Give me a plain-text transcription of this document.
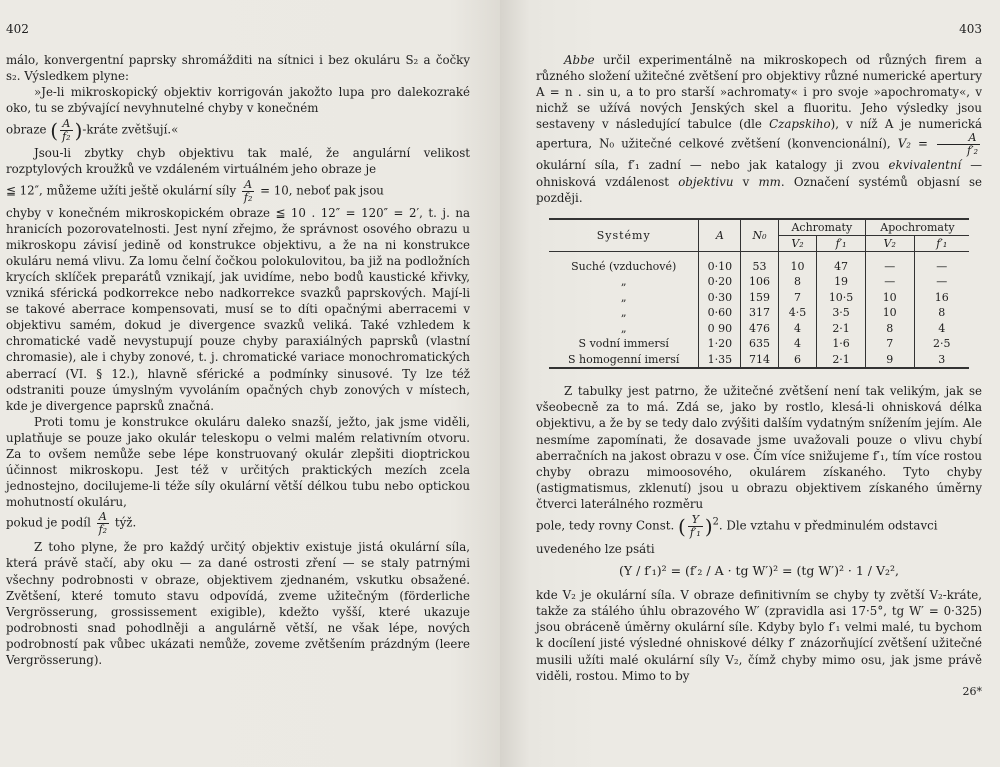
402

málo, konvergentní paprsky shromážditi na sítnici i bez okuláru S₂ a čočky s₂. Výsledkem plyne:

»Je-li mikroskopický objektiv korrigován jakožto lupa pro dalekozraké oko, tu se zbývající nevyhnutelné chyby v konečném

obraze ( $\frac{A}{\text{f₂}}$ )-kráte zvětšují.«

Jsou-li zbytky chyb objektivu tak malé, že angulární velikost rozptylových kroužků ve vzdáleném virtuálném jeho obraze je

≦ 12″, můžeme užíti ještě okulární síly $\frac{A}{\text{f₂}} = 10$, neboť pak jsou

chyby v konečném mikroskopickém obraze ≦ 10 . 12″ = 120″ = 2′, t. j. na hranicích pozorovatelnosti. Jest nyní zřejmo, že správnost osového obrazu u mikroskopu závisí jedině od konstrukce objektivu, a že na ni konstrukce okuláru nemá vlivu. Za lomu čelní čočkou polokulovitou, ba již na podložních krycích sklíček preparátů vznikají, jak uvidíme, nebo bodů kaustické křivky, vzniká sférická podkorrekce nebo nadkorrekce svazků paprskových. Mají-li se takové aberrace kompensovati, musí se to díti opačnými aberracemi v objektivu samém, dokud je divergence svazků veliká. Také vzhledem k chromatické vadě nevystupují pouze chyby paraxiálných paprsků (vlastní chromasie), ale i chyby zonové, t. j. chromatické variace monochromatických aberrací (VI. § 12.), hlavně sférické a podmínky sinusové. Ty lze též odstraniti pouze úmyslným vyvoláním opačných chyb zonových v místech, kde je divergence paprsků značná.

Proti tomu je konstrukce okuláru daleko snazší, ježto, jak jsme viděli, uplatňuje se pouze jako okulár teleskopu o velmi malém relativním otvoru. Za to ovšem nemůže sebe lépe konstruovaný okulár zlepšiti dioptrickou účinnost mikroskopu. Jest též v určitých praktických mezích zcela jednostejno, docilujeme-li téže síly okulární větší délkou tubu nebo optickou mohutností okuláru,

pokud je podíl $\frac{A}{\text{f₂}}$ týž.

Z toho plyne, že pro každý určitý objektiv existuje jistá okulární síla, která právě stačí, aby oku — za dané ostrosti zření — se staly patrnými všechny podrobnosti v obraze, objektivem zjednaném, vskutku obsažené. Zvětšení, které tomuto stavu odpovídá, zveme užitečným (förderliche Vergrösserung, grossissement exigible), kdežto vyšší, které ukazuje podrobnosti snad pohodlněji a angulárně větší, ne však lépe, nových podrobností pak vůbec ukázati nemůže, zoveme zvětšením prázdným (leere Vergrösserung).

403

Abbe určil experimentálně na mikroskopech od různých firem a různého složení užitečné zvětšení pro objektivy různé numerické apertury A = n . sin u, a to pro starší »achromaty« i pro svoje »apochromaty«, v nichž se užívá nových Jenských skel a fluoritu. Jeho výsledky jsou sestaveny v následující tabulce (dle Czapskiho), v níž A je numerická apertura, N₀ užitečné celkové zvětšení (konvencionální), $V_2 = \frac{A}{\text{f′₂}}$
okulární síla, f′₁ zadní — nebo jak katalogy ji zvou ekvivalentní — ohnisková vzdálenost objektivu v mm. Označení systémů objasní se později.

Systémy	A	N₀	Achromaty		Apochromaty	
			V₂	f′₁	V₂	f′₁
Suché (vzduchové)	0·10	53	10	47	—	—
„	0·20	106	8	19	—	—
„	0·30	159	7	10·5	10	16
„	0·60	317	4·5	3·5	10	8
„	0 90	476	4	2·1	8	4
S vodní immersí	1·20	635	4	1·6	7	2·5
S homogenní imersí	1·35	714	6	2·1	9	3

Z tabulky jest patrno, že užitečné zvětšení není tak velikým, jak se všeobecně za to má. Zdá se, jako by rostlo, klesá-li ohnisková délka objektivu, a že by se tedy dalo zvýšiti dalším vydatným snížením jejím. Ale nesmíme zapomínati, že dosavade jsme uvažovali pouze o vlivu chybí aberračních na jakost obrazu v ose. Čím více snižujeme f′₁, tím více rostou chyby obrazu mimoosového, okulárem získaného. Tyto chyby (astigmatismus, zklenutí) jsou u obrazu objektivem získaného úměrny čtverci laterálného rozměru

pole, tedy rovny Const. ( $\frac{Y}{\text{f′₁}} )^2$. Dle vztahu v předminulém odstavci

uvedeného lze psáti

(Y / f′₁)² = (f′₂ / A · tg W′)² = (tg W′)² · 1 / V₂²,

kde V₂ je okulární síla. V obraze definitivním se chyby ty zvětší V₂-kráte, takže za stálého úhlu obrazového W′ (zpravidla asi 17·5°, tg W′ = 0·325) jsou obráceně úměrny okulární síle. Kdyby bylo f′₁ velmi malé, tu bychom k docílení jisté výsledné ohniskové délky f′ znázorňující zvětšení užitečné musili užíti malé okulární síly V₂, čímž chyby mimo osu, jak jsme právě viděli, rostou. Mimo to by

26*
